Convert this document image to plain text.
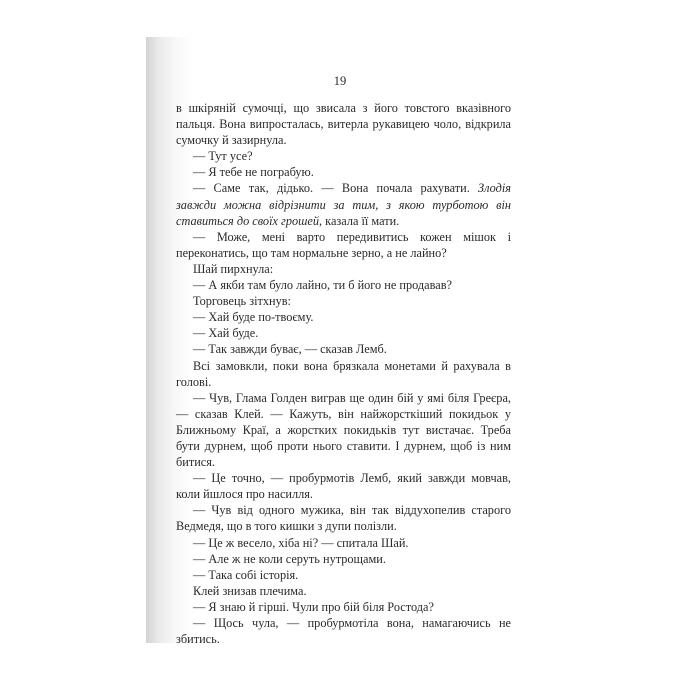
19

в шкіряній сумочці, що звисала з його товстого вказівного пальця. Вона випросталась, витерла рукавицею чоло, відкрила сумочку й зазирнула.

— Тут усе?

— Я тебе не пограбую.

— Саме так, дідько. — Вона почала рахувати. Злодія завжди можна відрізнити за тим, з якою турботою він ставиться до своїх грошей, казала її мати.

— Може, мені варто передивитись кожен мішок і переконатись, що там нормальне зерно, а не лайно?

Шай пирхнула:

— А якби там було лайно, ти б його не продавав?

Торговець зітхнув:

— Хай буде по-твоєму.

— Хай буде.

— Так завжди буває, — сказав Лемб.

Всі замовкли, поки вона брязкала монетами й рахувала в голові.

— Чув, Глама Голден виграв ще один бій у ямі біля Греєра, — сказав Клей. — Кажуть, він найжорсткіший покидьок у Ближньому Краї, а жорстких покидьків тут вистачає. Треба бути дурнем, щоб проти нього ставити. І дурнем, щоб із ним битися.

— Це точно, — пробурмотів Лемб, який завжди мовчав, коли йшлося про насилля.

— Чув від одного мужика, він так віддухопелив старого Ведмедя, що в того кишки з дупи полізли.

— Це ж весело, хіба ні? — спитала Шай.

— Але ж не коли серуть нутрощами.

— Така собі історія.

Клей знизав плечима.

— Я знаю й гірші. Чули про бій біля Ростода?

— Щось чула, — пробурмотіла вона, намагаючись не збитись.
